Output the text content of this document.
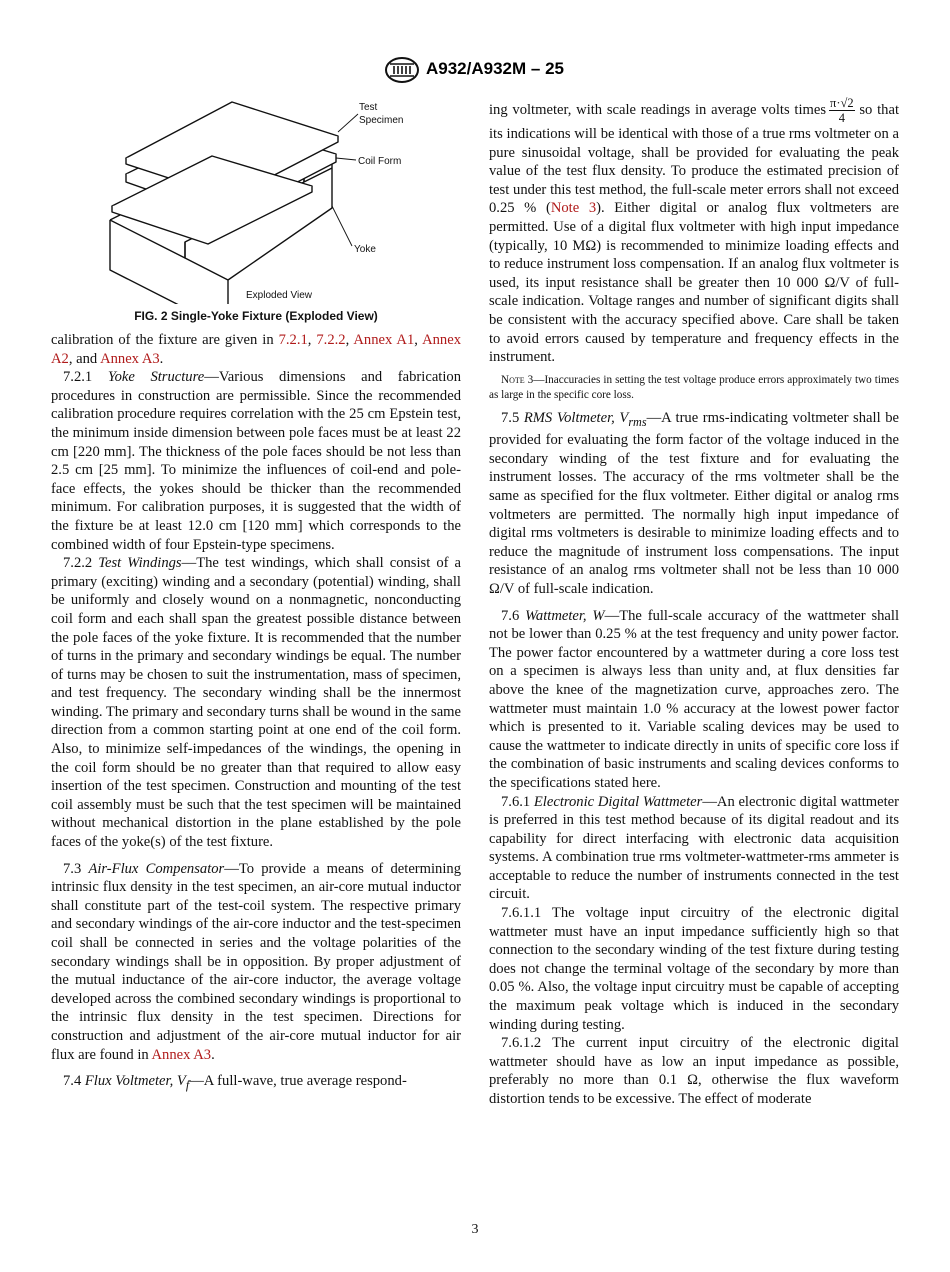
A932/A932M – 25
Test
Specimen
Coil Form
Yoke
Exploded View
FIG. 2 Single-Yoke Fixture (Exploded View)

calibration of the fixture are given in 7.2.1, 7.2.2, Annex A1, Annex A2, and Annex A3.

7.2.1 Yoke Structure—Various dimensions and fabrication procedures in construction are permissible. Since the recommended calibration procedure requires correlation with the 25 cm Epstein test, the minimum inside dimension between pole faces must be at least 22 cm [220 mm]. The thickness of the pole faces should be not less than 2.5 cm [25 mm]. To minimize the influences of coil-end and pole-face effects, the yokes should be thicker than the recommended minimum. For calibration purposes, it is suggested that the width of the fixture be at least 12.0 cm [120 mm] which corresponds to the combined width of four Epstein-type specimens.

7.2.2 Test Windings—The test windings, which shall consist of a primary (exciting) winding and a secondary (potential) winding, shall be uniformly and closely wound on a nonmagnetic, nonconducting coil form and each shall span the greatest possible distance between the pole faces of the yoke fixture. It is recommended that the number of turns in the primary and secondary windings be equal. The number of turns may be chosen to suit the instrumentation, mass of specimen, and test frequency. The secondary winding shall be the innermost winding. The primary and secondary turns shall be wound in the same direction from a common starting point at one end of the coil form. Also, to minimize self-impedances of the windings, the opening in the coil form should be no greater than that required to allow easy insertion of the test specimen. Construction and mounting of the test coil assembly must be such that the test specimen will be maintained without mechanical distortion in the plane established by the pole faces of the yoke(s) of the test fixture.

7.3 Air-Flux Compensator—To provide a means of determining intrinsic flux density in the test specimen, an air-core mutual inductor shall constitute part of the test-coil system. The respective primary and secondary windings of the air-core inductor and the test-specimen coil shall be connected in series and the voltage polarities of the secondary windings shall be in opposition. By proper adjustment of the mutual inductance of the air-core inductor, the average voltage developed across the combined secondary windings is proportional to the intrinsic flux density in the test specimen. Directions for construction and adjustment of the air-core mutual inductor for air flux are found in Annex A3.

7.4 Flux Voltmeter, $V_f—A$ full-wave, true average respond-

ing voltmeter, with scale readings in average volts times $\frac{\pi\cdot√2}{4}$ so that its indications will be identical with those of a true rms voltmeter on a pure sinusoidal voltage, shall be provided for evaluating the peak value of the test flux density. To produce the estimated precision of test under this test method, the full-scale meter errors shall not exceed 0.25 % (Note 3). Either digital or analog flux voltmeters are permitted. Use of a digital flux voltmeter with high input impedance (typically, 10 MΩ) is recommended to minimize loading effects and to reduce instrument loss compensation. If an analog flux voltmeter is used, its input resistance shall be greater then 10 000 Ω/V of full-scale indication. Voltage ranges and number of significant digits shall be consistent with the accuracy specified above. Care shall be taken to avoid errors caused by temperature and frequency effects in the instrument.

Note 3—Inaccuracies in setting the test voltage produce errors approximately two times as large in the specific core loss.

7.5 RMS Voltmeter, $V_{rms}—A$ true rms-indicating voltmeter shall be provided for evaluating the form factor of the voltage induced in the secondary winding of the test fixture and for evaluating the instrument losses. The accuracy of the rms voltmeter shall be the same as specified for the flux voltmeter. Either digital or analog rms voltmeters are permitted. The normally high input impedance of digital rms voltmeters is desirable to minimize loading effects and to reduce the magnitude of instrument loss compensations. The input resistance of an analog rms voltmeter shall not be less than 10 000 Ω/V of full-scale indication.

7.6 Wattmeter, W—The full-scale accuracy of the wattmeter shall not be lower than 0.25 % at the test frequency and unity power factor. The power factor encountered by a wattmeter during a core loss test on a specimen is always less than unity and, at flux densities far above the knee of the magnetization curve, approaches zero. The wattmeter must maintain 1.0 % accuracy at the lowest power factor which is presented to it. Variable scaling devices may be used to cause the wattmeter to indicate directly in units of specific core loss if the combination of basic instruments and scaling devices conforms to the specifications stated here.

7.6.1 Electronic Digital Wattmeter—An electronic digital wattmeter is preferred in this test method because of its digital readout and its capability for direct interfacing with electronic data acquisition systems. A combination true rms voltmeter-wattmeter-rms ammeter is acceptable to reduce the number of instruments connected in the test circuit.

7.6.1.1 The voltage input circuitry of the electronic digital wattmeter must have an input impedance sufficiently high so that connection to the secondary winding of the test fixture during testing does not change the terminal voltage of the secondary by more than 0.05 %. Also, the voltage input circuitry must be capable of accepting the maximum peak voltage which is induced in the secondary winding during testing.

7.6.1.2 The current input circuitry of the electronic digital wattmeter should have as low an input impedance as possible, preferably no more than 0.1 Ω, otherwise the flux waveform distortion tends to be excessive. The effect of moderate

3
